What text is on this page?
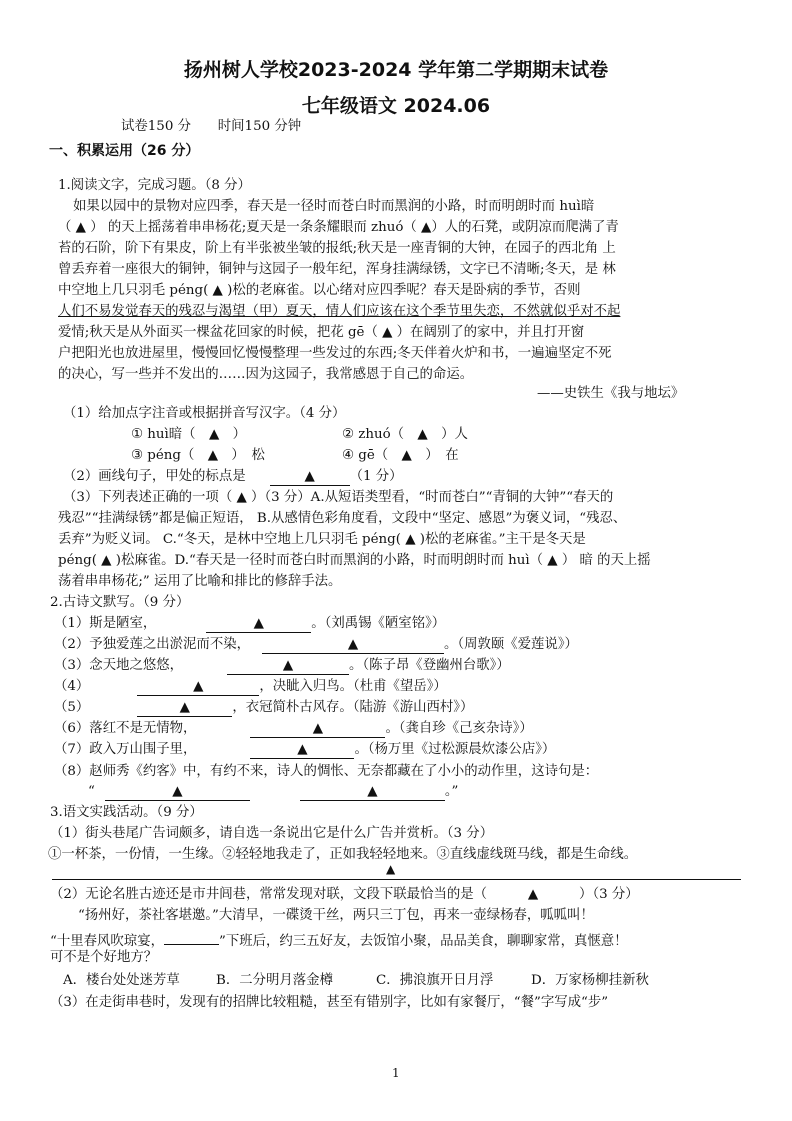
扬州树人学校2023-2024 学年第二学期期末试卷
七年级语文 2024.06
试卷150 分　　时间150 分钟
一、积累运用（26 分）
1.阅读文字，完成习题。（8 分）
如果以园中的景物对应四季，春天是一径时而苍白时而黑润的小路，时而明朗时而 huì暗
（ ▲ ） 的天上摇荡着串串杨花;夏天是一条条耀眼而 zhuó（ ▲）人的石凳，或阴凉而爬满了青
苔的石阶，阶下有果皮，阶上有半张被坐皱的报纸;秋天是一座青铜的大钟，在园子的西北角 上
曾丢弃着一座很大的铜钟，铜钟与这园子一般年纪，浑身挂满绿锈，文字已不清晰;冬天，是 林
中空地上几只羽毛 péng( ▲ )松的老麻雀。以心绪对应四季呢？春天是卧病的季节，否则
人们不易发觉春天的残忍与渴望（甲）夏天，情人们应该在这个季节里失恋，不然就似乎对不起
爱情;秋天是从外面买一棵盆花回家的时候，把花 gē（ ▲ ）在阔别了的家中，并且打开窗
户把阳光也放进屋里，慢慢回忆慢慢整理一些发过的东西;冬天伴着火炉和书，一遍遍坚定不死
的决心，写一些并不发出的……因为这园子，我常感恩于自己的命运。
——史铁生《我与地坛》
（1）给加点字注音或根据拼音写汉字。（4 分）
① huì暗（　▲　）	② zhuó（　▲　）人
③ péng（　▲　）　松	④ gē（　▲　）　在
（2）画线句子，甲处的标点是	▲	（1 分）
（3）下列表述正确的一项（ ▲ ）（3 分）A.从短语类型看，“时而苍白”“青铜的大钟”“春天的
残忍”“挂满绿锈”都是偏正短语， B.从感情色彩角度看，文段中“坚定、感恩”为褒义词，“残忍、
丢弃”为贬义词。 C.“冬天，是林中空地上几只羽毛 péng( ▲ )松的老麻雀。”主干是冬天是
péng( ▲ )松麻雀。D.“春天是一径时而苍白时而黑润的小路，时而明朗时而 huì（ ▲ ） 暗 的天上摇
荡着串串杨花;” 运用了比喻和排比的修辞手法。
2.古诗文默写。（9 分）
（1）斯是陋室，	▲	。（刘禹锡《陋室铭》）
（2）予独爱莲之出淤泥而不染，	▲	。（周敦颐《爱莲说》）
（3）念天地之悠悠，	▲	。（陈子昂《登幽州台歌》）
（4）	▲	，决眦入归鸟。（杜甫《望岳》）
（5）	▲	，衣冠简朴古风存。（陆游《游山西村》）
（6）落红不是无情物，	▲	。（龚自珍《己亥杂诗》）
（7）政入万山围子里，	▲	。（杨万里《过松源晨炊漆公店》）
（8）赵师秀《约客》中，有约不来，诗人的惆怅、无奈都藏在了小小的动作里，这诗句是：
“	▲	▲	。”
3.语文实践活动。（9 分）
（1）街头巷尾广告词颇多，请自选一条说出它是什么广告并赏析。（3 分）
①一杯茶，一份情，一生缘。②轻轻地我走了，正如我轻轻地来。③直线虚线斑马线，都是生命线。
▲
（2）无论名胜古迹还是市井闾巷，常常发现对联，文段下联最恰当的是（	▲	）（3 分）
“扬州好，茶社客堪邀。”大清早，一碟烫干丝，两只三丁包，再来一壶绿杨春，呱呱叫！
“十里春风吹琼宴，	”下班后，约三五好友，去饭馆小聚，品品美食，聊聊家常，真惬意！
可不是个好地方？
A．楼台处处迷芳草	B．二分明月落金樽	C．拂浪旗开日月浮	D．万家杨柳挂新秋
（3）在走街串巷时，发现有的招牌比较粗糙，甚至有错别字，比如有家餐厅，“餐”字写成“步”
1
